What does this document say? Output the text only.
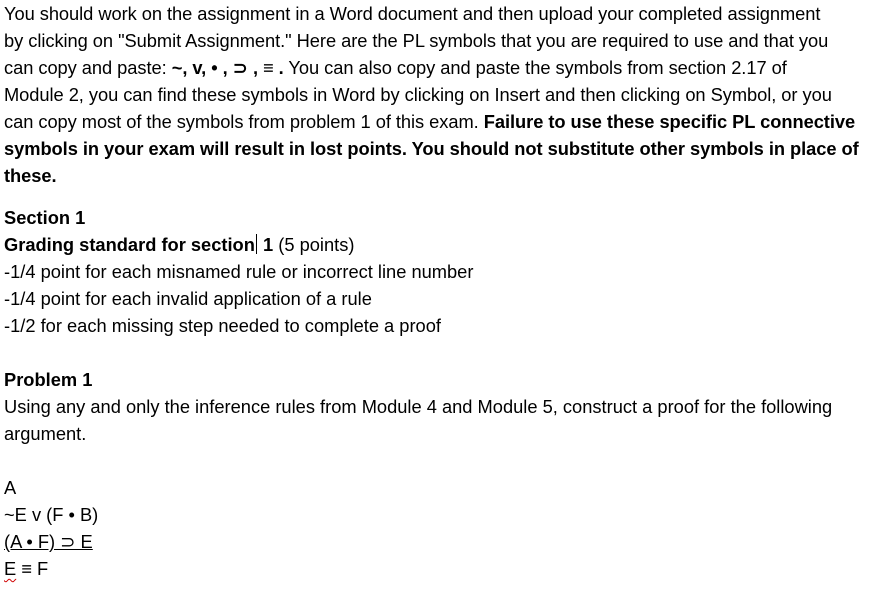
You should work on the assignment in a Word document and then upload your completed assignment
by clicking on "Submit Assignment." Here are the PL symbols that you are required to use and that you
can copy and paste: ~, v, • , ⊃ , ≡ . You can also copy and paste the symbols from section 2.17 of
Module 2, you can find these symbols in Word by clicking on Insert and then clicking on Symbol, or you
can copy most of the symbols from problem 1 of this exam. Failure to use these specific PL connective
symbols in your exam will result in lost points. You should not substitute other symbols in place of
these.
Section 1
Grading standard for section 1 (5 points)
-1/4 point for each misnamed rule or incorrect line number
-1/4 point for each invalid application of a rule
-1/2 for each missing step needed to complete a proof
Problem 1
Using any and only the inference rules from Module 4 and Module 5, construct a proof for the following
argument.
A
~E v (F • B)
(A • F) ⊃ E
E ≡ F
